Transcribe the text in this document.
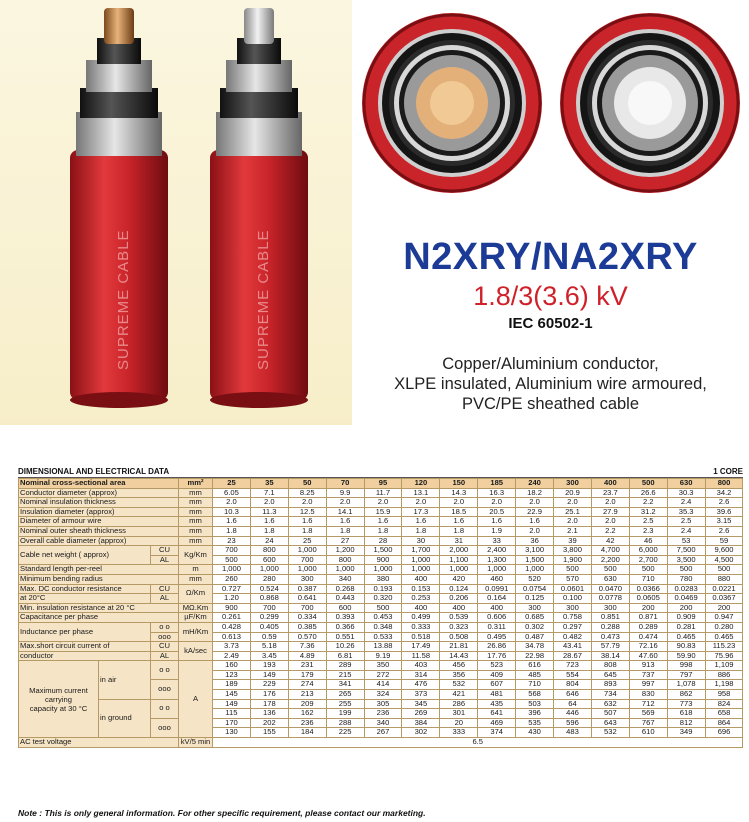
SUPREME CABLE	SUPREME CABLE	N2XRY/NA2XRY
1.8/3(3.6) kV
IEC 60502-1
Copper/Aluminium conductor,
XLPE insulated, Aluminium wire armoured,
PVC/PE sheathed cable
DIMENSIONAL AND ELECTRICAL DATA	1 CORE
Nominal cross-sectional area			mm²	25	35	50	70	95	120	150	185	240	300	400	500	630	800
Conductor diameter (approx)			mm	6.05	7.1	8.25	9.9	11.7	13.1	14.3	16.3	18.2	20.9	23.7	26.6	30.3	34.2
Nominal insulation thickness			mm	2.0	2.0	2.0	2.0	2.0	2.0	2.0	2.0	2.0	2.0	2.0	2.2	2.4	2.6
Insulation diameter (approx)			mm	10.3	11.3	12.5	14.1	15.9	17.3	18.5	20.5	22.9	25.1	27.9	31.2	35.3	39.6
Diameter of armour wire			mm	1.6	1.6	1.6	1.6	1.6	1.6	1.6	1.6	1.6	2.0	2.0	2.5	2.5	3.15
Nominal outer sheath thickness			mm	1.8	1.8	1.8	1.8	1.8	1.8	1.8	1.9	2.0	2.1	2.2	2.3	2.4	2.6
Overall cable diameter (approx)			mm	23	24	25	27	28	30	31	33	36	39	42	46	53	59
Cable net weight ( approx)		CU	Kg/Km	700	800	1,000	1,200	1,500	1,700	2,000	2,400	3,100	3,800	4,700	6,000	7,500	9,600
		AL		500	600	700	800	900	1,000	1,100	1,300	1,500	1,900	2,200	2,700	3,500	4,500
Standard length per-reel			m	1,000	1,000	1,000	1,000	1,000	1,000	1,000	1,000	1,000	500	500	500	500	500
Minimum bending radius			mm	260	280	300	340	380	400	420	460	520	570	630	710	780	880
Max. DC conductor resistance		CU	Ω/Km	0.727	0.524	0.387	0.268	0.193	0.153	0.124	0.0991	0.0754	0.0601	0.0470	0.0366	0.0283	0.0221
at 20°C		AL		1.20	0.868	0.641	0.443	0.320	0.253	0.206	0.164	0.125	0.100	0.0778	0.0605	0.0469	0.0367
Min. insulation resistance at 20 °C			MΩ.Km	900	700	700	600	500	400	400	400	300	300	300	200	200	200
Capacitance per phase			µF/Km	0.261	0.299	0.334	0.393	0.453	0.499	0.539	0.606	0.685	0.758	0.851	0.871	0.909	0.947
Inductance per phase		o o	mH/Km	0.428	0.405	0.385	0.366	0.348	0.333	0.323	0.311	0.302	0.297	0.288	0.289	0.281	0.280
		ooo		0.613	0.59	0.570	0.551	0.533	0.518	0.508	0.495	0.487	0.482	0.473	0.474	0.465	0.465
Max.short circuit current of		CU	kA/sec	3.73	5.18	7.36	10.26	13.88	17.49	21.81	26.86	34.78	43.41	57.79	72.16	90.83	115.23
conductor		AL		2.49	3.45	4.89	6.81	9.19	11.58	14.43	17.76	22.98	28.67	38.14	47.60	59.90	75.96

Maximum current
carrying
capacity at 30 °C	in air	o o	A	160	193	231	289	350	403	456	523	616	723	808	913	998	1,109
				123	149	179	215	272	314	356	409	485	554	645	737	797	886
		ooo		189	229	274	341	414	476	532	607	710	804	893	997	1,078	1,198
				145	176	213	265	324	373	421	481	568	646	734	830	862	958
	in ground	o o		149	178	209	255	305	345	286	435	503	64	632	712	773	824
				115	136	162	199	236	269	301	641	396	446	507	569	618	658
		ooo		170	202	236	288	340	384	20	469	535	596	643	767	812	864
				130	155	184	225	267	302	333	374	430	483	532	610	349	696
AC test voltage			kV/5 min	6.5													
Note : This is only general information. For other specific requirement, please contact our marketing.
